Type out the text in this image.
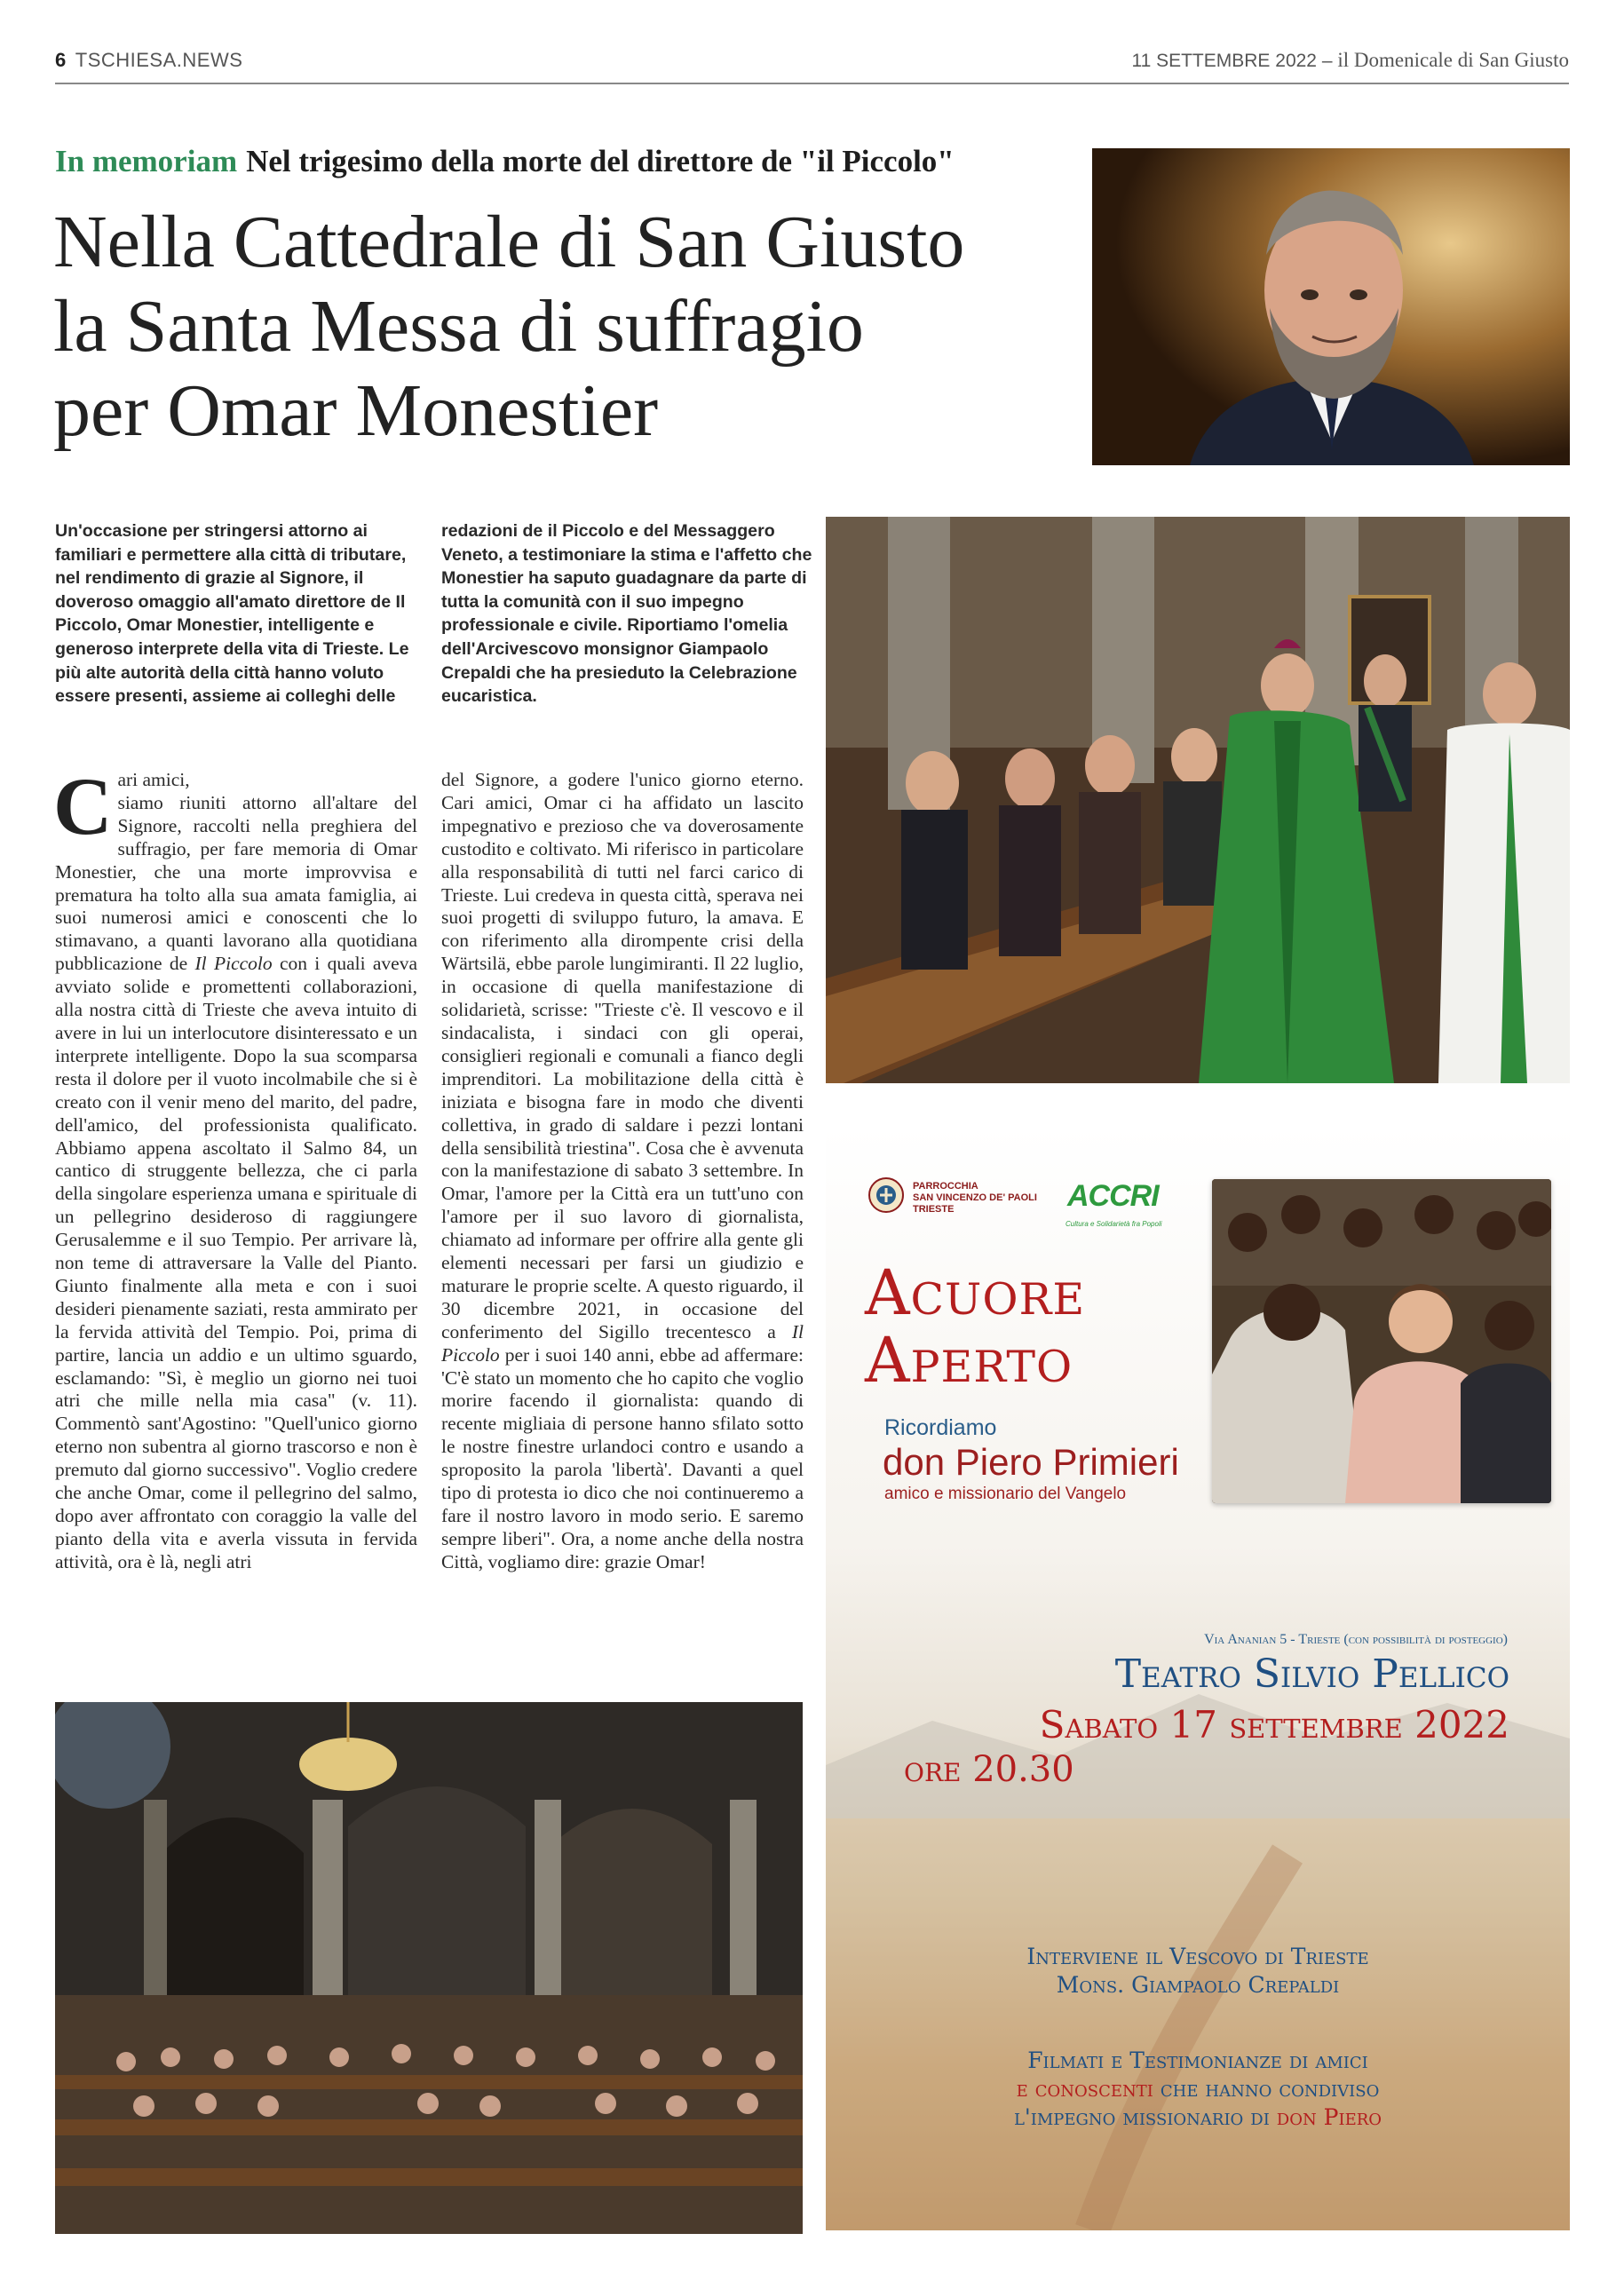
6 TSCHIESA.NEWS	11 SETTEMBRE 2022 – il Domenicale di San Giusto
In memoriam Nel trigesimo della morte del direttore de "il Piccolo"
Nella Cattedrale di San Giusto
la Santa Messa di suffragio
per Omar Monestier
Un'occasione per stringersi attorno ai familiari e permettere alla città di tributare, nel rendimento di grazie al Signore, il doveroso omaggio all'amato direttore de Il Piccolo, Omar Monestier, intelligente e generoso interprete della vita di Trieste. Le più alte autorità della città hanno voluto essere presenti, assieme ai colleghi delle
redazioni de il Piccolo e del Messaggero Veneto, a testimoniare la stima e l'affetto che Monestier ha saputo guadagnare da parte di tutta la comunità con il suo impegno professionale e civile. Riportiamo l'omelia dell'Arcivescovo monsignor Giampaolo Crepaldi che ha presieduto la Celebrazione eucaristica.

Cari amici,
siamo riuniti attorno all'altare del Signore, raccolti nella preghiera del suffragio, per fare memoria di Omar Monestier, che una morte improvvisa e prematura ha tolto alla sua amata famiglia, ai suoi numerosi amici e conoscenti che lo stimavano, a quanti lavorano alla quotidiana pubblicazione de Il Piccolo con i quali aveva avviato solide e promettenti collaborazioni, alla nostra città di Trieste che aveva intuito di avere in lui un interlocutore disinteressato e un interprete intelligente. Dopo la sua scomparsa resta il dolore per il vuoto incolmabile che si è creato con il venir meno del marito, del padre, dell'amico, del professionista qualificato. Abbiamo appena ascoltato il Salmo 84, un cantico di struggente bellezza, che ci parla della singolare esperienza umana e spirituale di un pellegrino desideroso di raggiungere Gerusalemme e il suo Tempio. Per arrivare là, non teme di attraversare la Valle del Pianto. Giunto finalmente alla meta e con i suoi desideri pienamente saziati, resta ammirato per la fervida attività del Tempio. Poi, prima di partire, lancia un addio e un ultimo sguardo, esclamando: "Sì, è meglio un giorno nei tuoi atri che mille nella mia casa" (v. 11). Commentò sant'Agostino: "Quell'unico giorno eterno non subentra al giorno trascorso e non è premuto dal giorno successivo". Voglio credere che anche Omar, come il pellegrino del salmo, dopo aver affrontato con coraggio la valle del pianto della vita e averla vissuta in fervida attività, ora è là, negli atri

del Signore, a godere l'unico giorno eterno. Cari amici, Omar ci ha affidato un lascito impegnativo e prezioso che va doverosamente custodito e coltivato. Mi riferisco in particolare alla responsabilità di tutti nel farci carico di Trieste. Lui credeva in questa città, sperava nei suoi progetti di sviluppo futuro, la amava. E con riferimento alla dirompente crisi della Wärtsilä, ebbe parole lungimiranti. Il 22 luglio, in occasione di quella manifestazione di solidarietà, scrisse: "Trieste c'è. Il vescovo e il sindacalista, i sindaci con gli operai, consiglieri regionali e comunali a fianco degli imprenditori. La mobilitazione della città è iniziata e bisogna fare in modo che diventi collettiva, in grado di saldare i pezzi lontani della sensibilità triestina". Cosa che è avvenuta con la manifestazione di sabato 3 settembre. In Omar, l'amore per la Città era un tutt'uno con l'amore per il suo lavoro di giornalista, chiamato ad informare per offrire alla gente gli elementi necessari per farsi un giudizio e maturare le proprie scelte. A questo riguardo, il 30 dicembre 2021, in occasione del conferimento del Sigillo trecentesco a Il Piccolo per i suoi 140 anni, ebbe ad affermare: 'C'è stato un momento che ho capito che voglio morire facendo il giornalista: quando di recente migliaia di persone hanno sfilato sotto le nostre finestre urlandoci contro e usando a sproposito la parola 'libertà'. Davanti a quel tipo di protesta io dico che noi continueremo a fare il nostro lavoro in modo serio. E saremo sempre liberi". Ora, a nome anche della nostra Città, vogliamo dire: grazie Omar!

PARROCCHIA
SAN VINCENZO DE' PAOLI
TRIESTE	ACCRI
Cultura e Solidarietà fra Popoli
Acuore
Aperto
Ricordiamo
don Piero Primieri
amico e missionario del Vangelo
Via Ananian 5 - Trieste (con possibilità di posteggio)
Teatro Silvio Pellico
Sabato 17 settembre 2022
ore 20.30
Interviene il Vescovo di Trieste
Mons. Giampaolo Crepaldi
Filmati e Testimonianze di amici
e conoscenti che hanno condiviso
l'impegno missionario di don Piero
